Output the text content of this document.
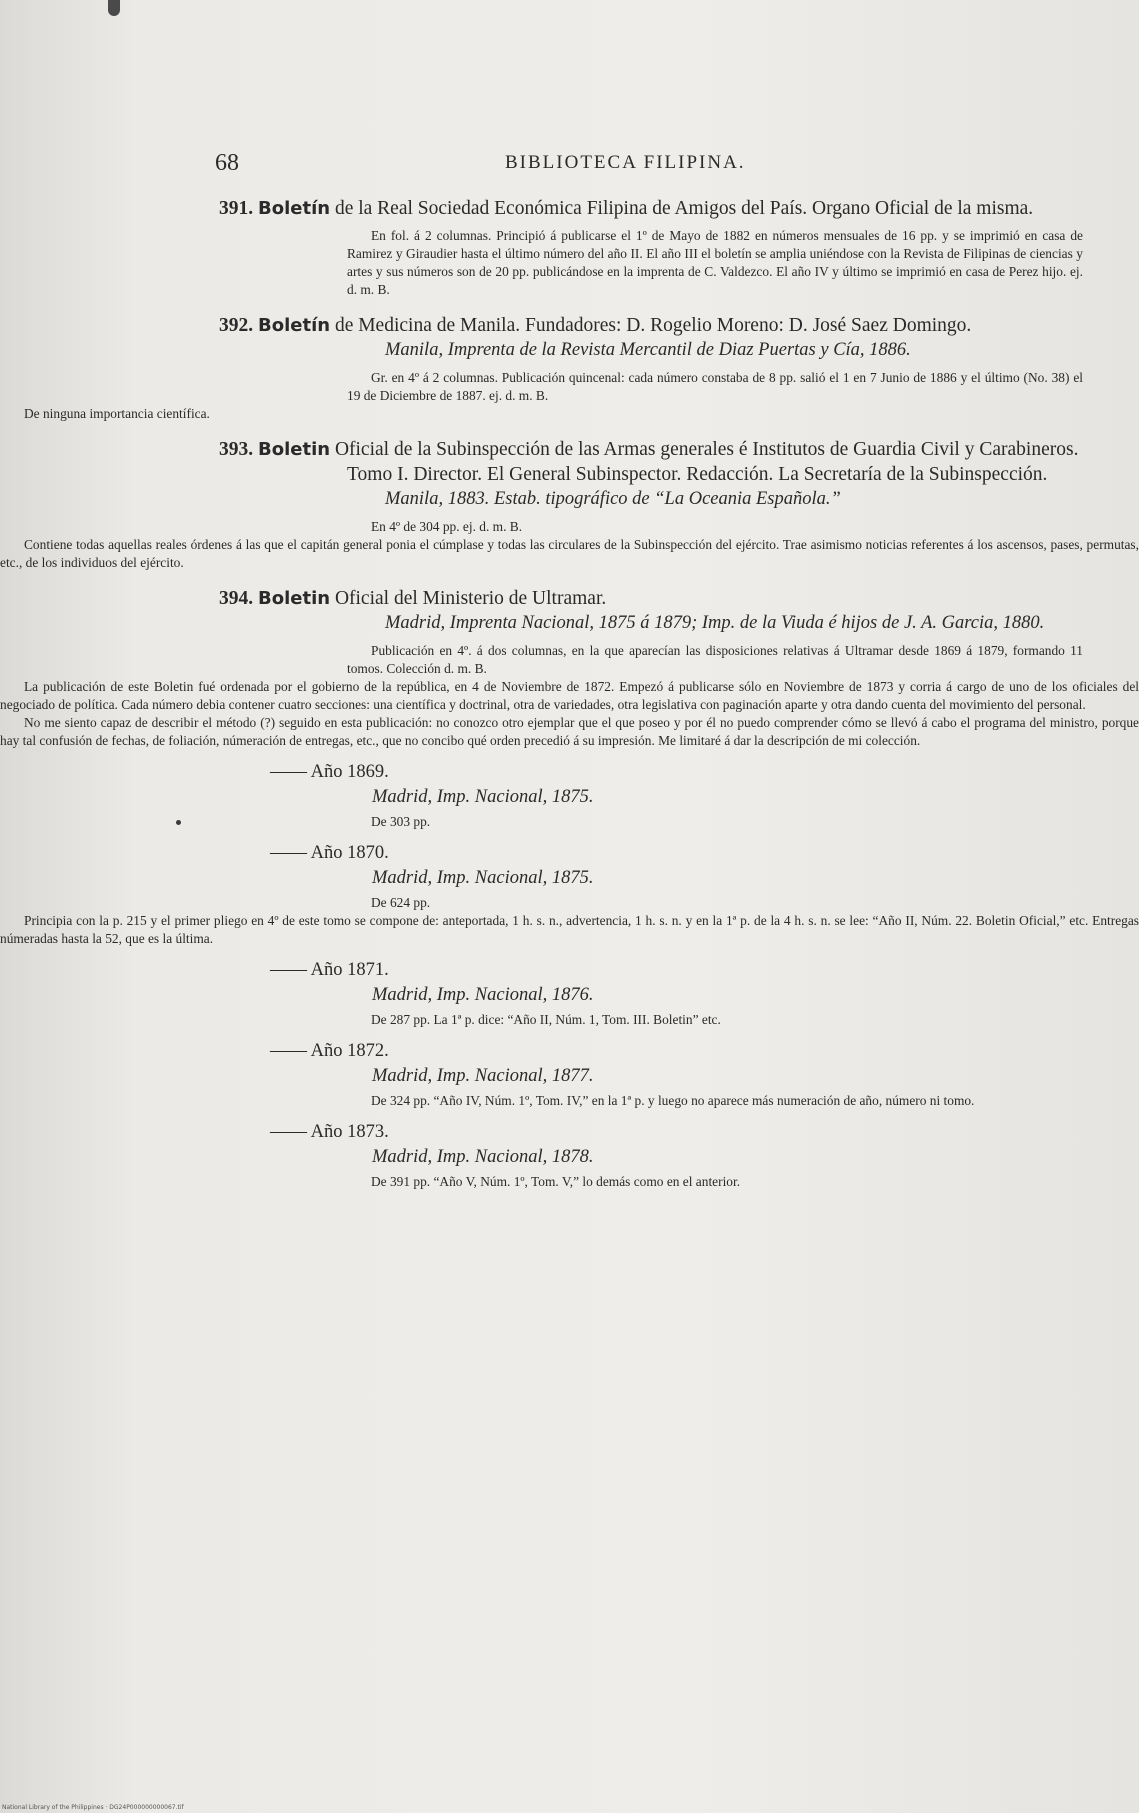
68	BIBLIOTECA FILIPINA.
391. Boletín de la Real Sociedad Económica Filipina de Amigos del País. Organo Oficial de la misma.

En fol. á 2 columnas. Principió á publicarse el 1º de Mayo de 1882 en números mensuales de 16 pp. y se imprimió en casa de Ramirez y Giraudier hasta el último número del año II. El año III el boletín se amplia uniéndose con la Revista de Filipinas de ciencias y artes y sus números son de 20 pp. publicándose en la imprenta de C. Valdezco. El año IV y último se imprimió en casa de Perez hijo. ej. d. m. B.

392. Boletín de Medicina de Manila. Fundadores: D. Rogelio Moreno: D. José Saez Domingo.
Manila, Imprenta de la Revista Mercantil de Diaz Puertas y Cía, 1886.

Gr. en 4º á 2 columnas. Publicación quincenal: cada número constaba de 8 pp. salió el 1 en 7 Junio de 1886 y el último (No. 38) el 19 de Diciembre de 1887. ej. d. m. B.

De ninguna importancia científica.

393. Boletin Oficial de la Subinspección de las Armas generales é Institutos de Guardia Civil y Carabineros. Tomo I. Director. El General Subinspector. Redacción. La Secretaría de la Subinspección.
Manila, 1883. Estab. tipográfico de “La Oceania Española.”

En 4º de 304 pp. ej. d. m. B.

Contiene todas aquellas reales órdenes á las que el capitán general ponia el cúmplase y todas las circulares de la Subinspección del ejército. Trae asimismo noticias referentes á los ascensos, pases, permutas, etc., de los individuos del ejército.

394. Boletin Oficial del Ministerio de Ultramar.
Madrid, Imprenta Nacional, 1875 á 1879; Imp. de la Viuda é hijos de J. A. Garcia, 1880.

Publicación en 4º. á dos columnas, en la que aparecían las disposiciones relativas á Ultramar desde 1869 á 1879, formando 11 tomos. Colección d. m. B.

La publicación de este Boletin fué ordenada por el gobierno de la república, en 4 de Noviembre de 1872. Empezó á publicarse sólo en Noviembre de 1873 y corria á cargo de uno de los oficiales del negociado de política. Cada número debia contener cuatro secciones: una científica y doctrinal, otra de variedades, otra legislativa con paginación aparte y otra dando cuenta del movimiento del personal.

No me siento capaz de describir el método (?) seguido en esta publicación: no conozco otro ejemplar que el que poseo y por él no puedo comprender cómo se llevó á cabo el programa del ministro, porque hay tal confusión de fechas, de foliación, númeración de entregas, etc., que no concibo qué orden precedió á su impresión. Me limitaré á dar la descripción de mi colección.

—— Año 1869.
Madrid, Imp. Nacional, 1875.

De 303 pp.

—— Año 1870.
Madrid, Imp. Nacional, 1875.

De 624 pp.

Principia con la p. 215 y el primer pliego en 4º de este tomo se compone de: anteportada, 1 h. s. n., advertencia, 1 h. s. n. y en la 1ª p. de la 4 h. s. n. se lee: “Año II, Núm. 22. Boletin Oficial,” etc. Entregas númeradas hasta la 52, que es la última.

—— Año 1871.
Madrid, Imp. Nacional, 1876.

De 287 pp. La 1ª p. dice: “Año II, Núm. 1, Tom. III. Boletin” etc.

—— Año 1872.
Madrid, Imp. Nacional, 1877.

De 324 pp. “Año IV, Núm. 1º, Tom. IV,” en la 1ª p. y luego no aparece más numeración de año, número ni tomo.

—— Año 1873.
Madrid, Imp. Nacional, 1878.

De 391 pp. “Año V, Núm. 1º, Tom. V,” lo demás como en el anterior.

National Library of the Philippines · DG24P000000000067.tif
